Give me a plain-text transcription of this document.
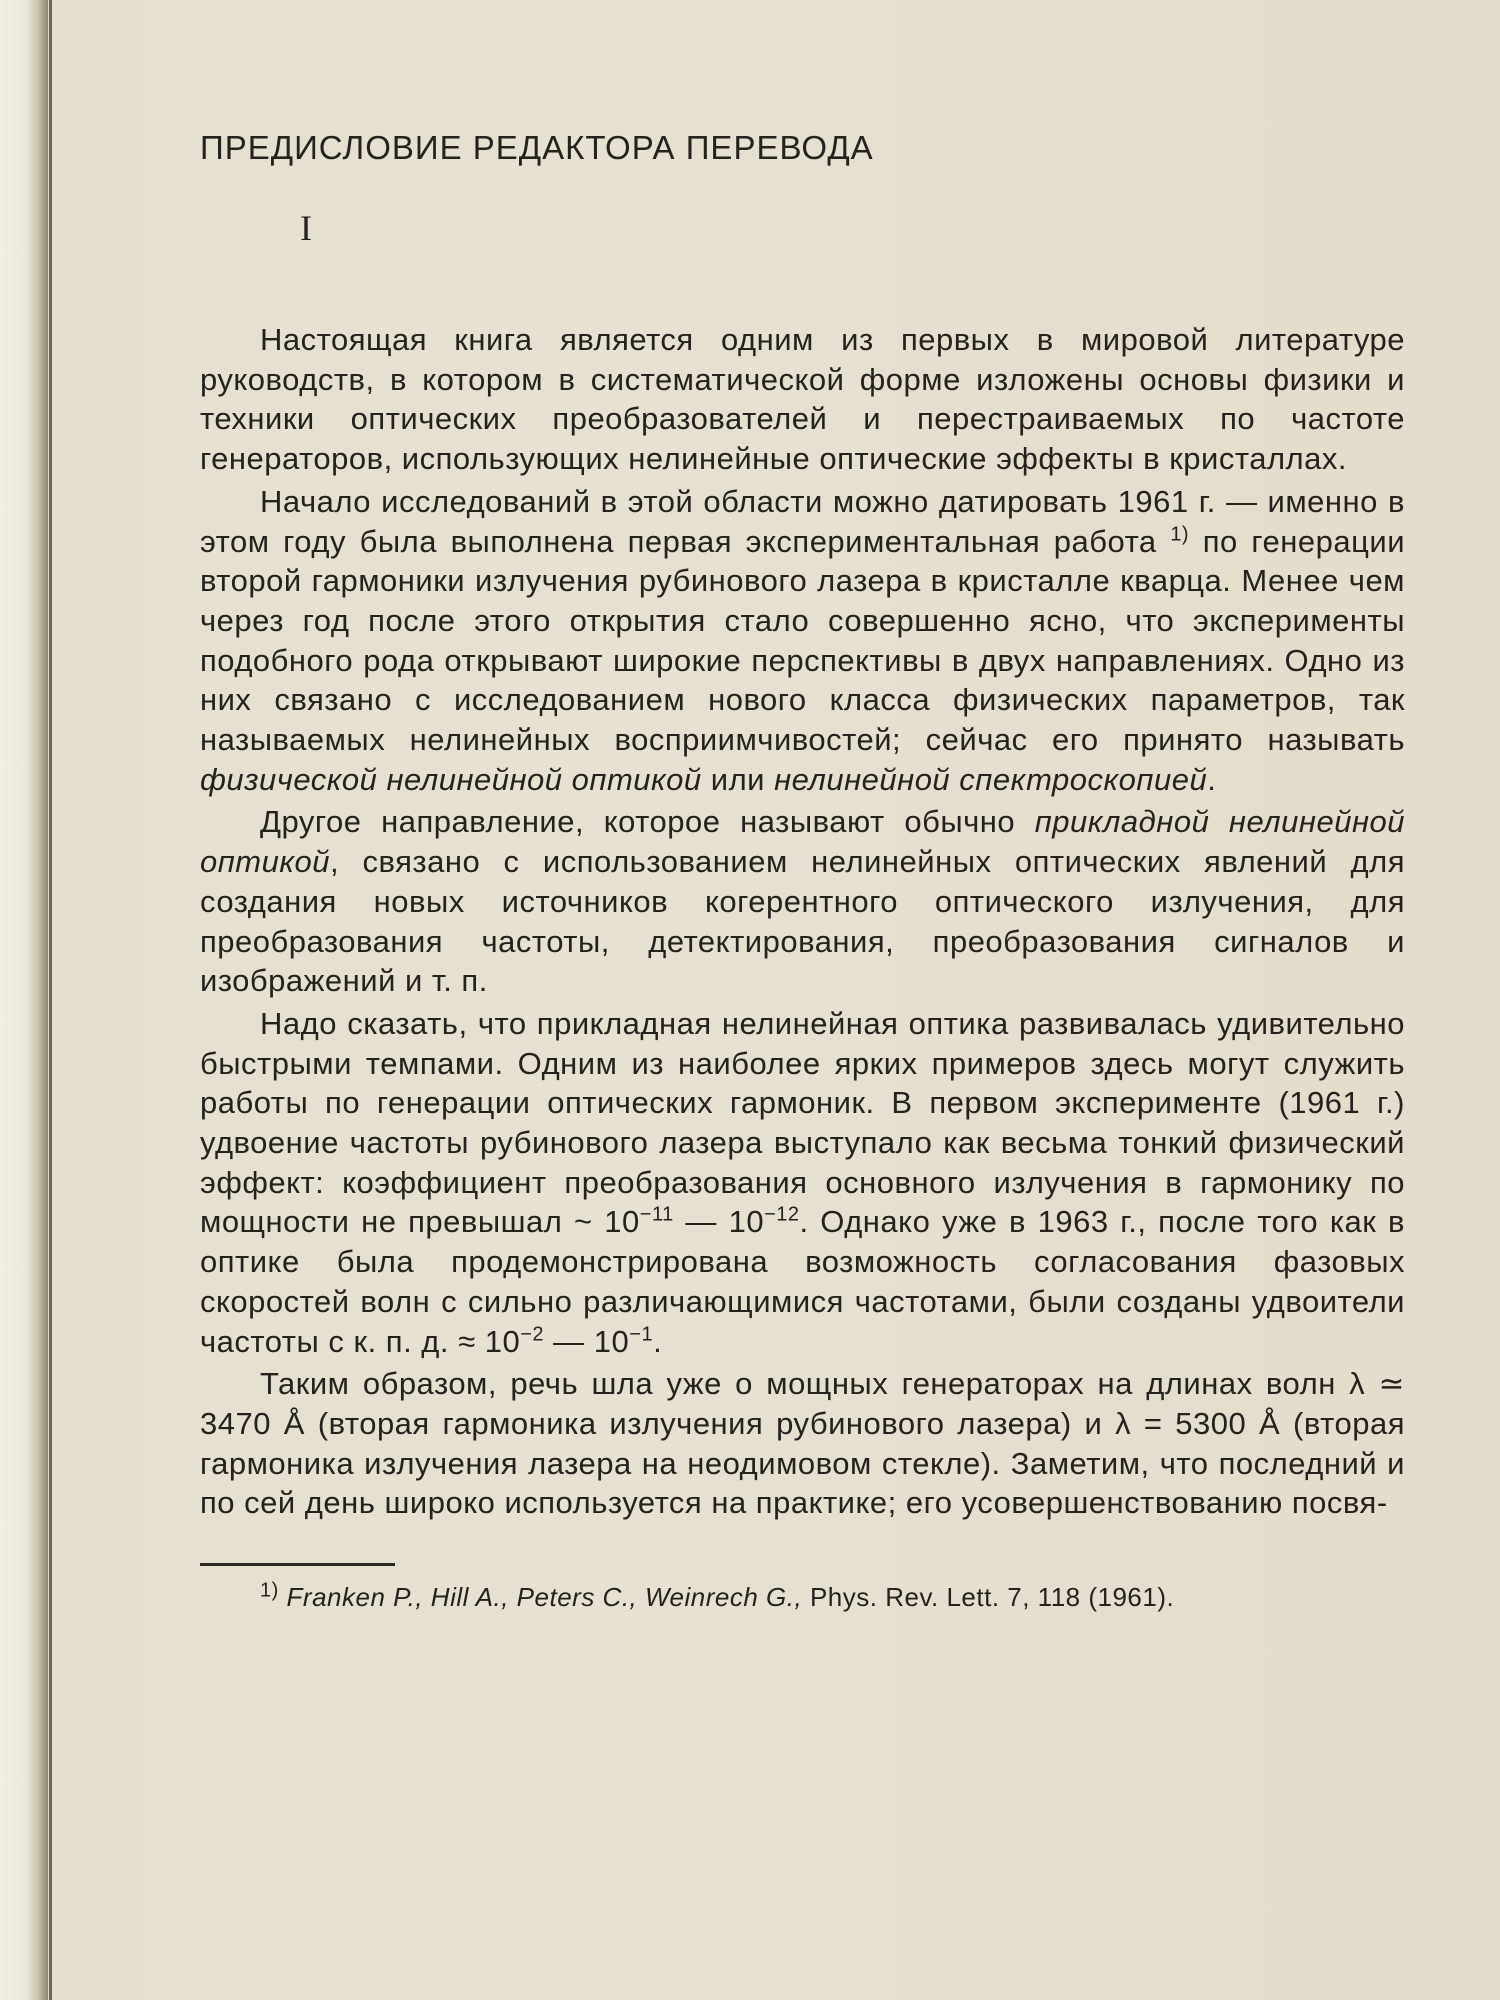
ПРЕДИСЛОВИЕ РЕДАКТОРА ПЕРЕВОДА
I

Настоящая книга является одним из первых в мировой литературе руководств, в котором в систематической форме изложены основы физики и техники оптических преобразователей и перестраиваемых по частоте генераторов, использующих нелинейные оптические эффекты в кристаллах.

Начало исследований в этой области можно датировать 1961 г. — именно в этом году была выполнена первая экспериментальная работа $^{1)}$ по генерации второй гармоники излучения рубинового лазера в кристалле кварца. Менее чем через год после этого открытия стало совершенно ясно, что эксперименты подобного рода открывают широкие перспективы в двух направлениях. Одно из них связано с исследованием нового класса физических параметров, так называемых нелинейных восприимчивостей; сейчас его принято называть физической нелинейной оптикой или нелинейной спектроскопией.

Другое направление, которое называют обычно прикладной нелинейной оптикой, связано с использованием нелинейных оптических явлений для создания новых источников когерентного оптического излучения, для преобразования частоты, детектирования, преобразования сигналов и изображений и т. п.

Надо сказать, что прикладная нелинейная оптика развивалась удивительно быстрыми темпами. Одним из наиболее ярких примеров здесь могут служить работы по генерации оптических гармоник. В первом эксперименте (1961 г.) удвоение частоты рубинового лазера выступало как весьма тонкий физический эффект: коэффициент преобразования основного излучения в гармонику по мощности не превышал ~ $10^{-11}$ — $10^{-12}$. Однако уже в 1963 г., после того как в оптике была продемонстрирована возможность согласования фазовых скоростей волн с сильно различающимися частотами, были созданы удвоители частоты с к. п. д. ≈ $10^{-2}$ — $10^{-1}$.

Таким образом, речь шла уже о мощных генераторах на длинах волн λ ≃ 3470 Å (вторая гармоника излучения рубинового лазера) и λ = 5300 Å (вторая гармоника излучения лазера на неодимовом стекле). Заметим, что последний и по сей день широко используется на практике; его усовершенствованию посвя-

$^{1)}$ Franken P., Hill A., Peters C., Weinrech G., Phys. Rev. Lett. 7, 118 (1961).
